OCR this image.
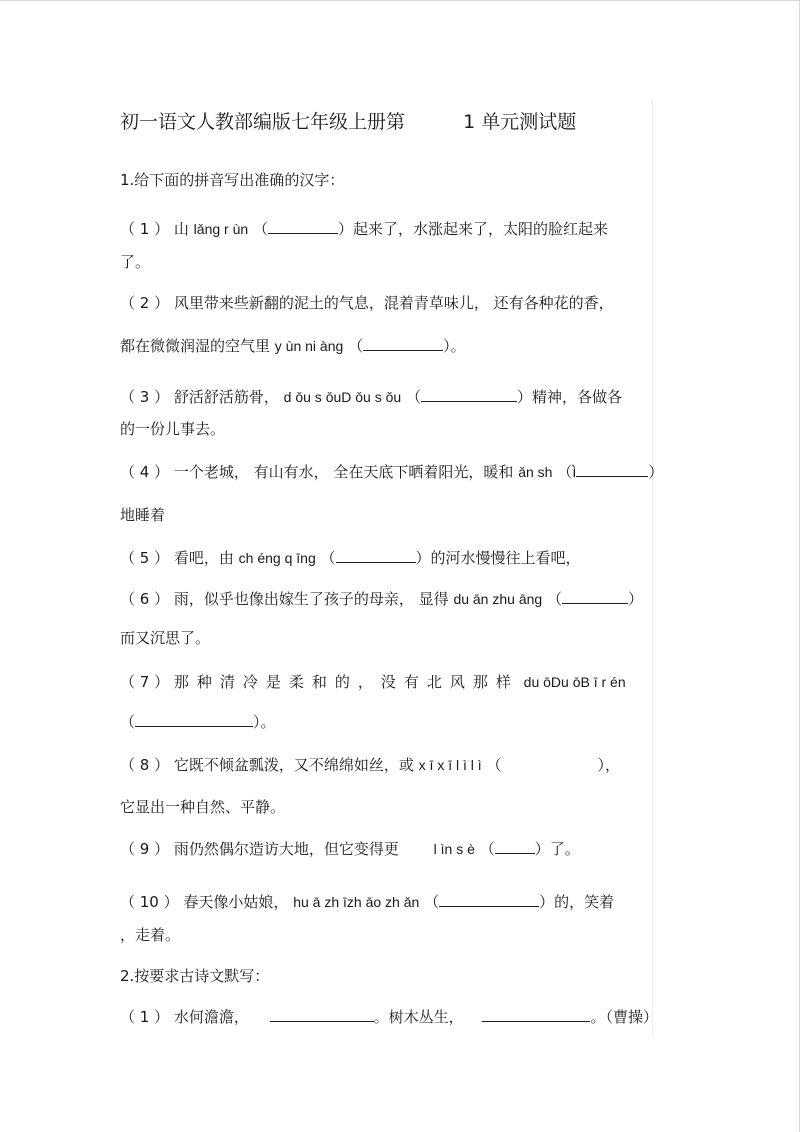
初一语文人教部编版七年级上册第	1 单元测试题
1.给下面的拼音写出准确的汉字：
（ 1 ） 山 lǎng r ùn （	）起来了，水涨起来了，太阳的脸红起来
了。
（ 2 ） 风里带来些新翻的泥土的气息，混着青草味儿， 还有各种花的香，
都在微微润湿的空气里 y ùn ni àng （	）。
（ 3 ） 舒活舒活筋骨， d ǒu s ǒuD ǒu s ǒu （	）精神，各做各
的一份儿事去。
（ 4 ） 一个老城， 有山有水， 全在天底下晒着阳光，暖和 ǎn sh （ì	）
地睡着
（ 5 ） 看吧，由 ch éng q īng （	）的河水慢慢往上看吧，
（ 6 ） 雨，似乎也像出嫁生了孩子的母亲， 显得 du ān zhu āng （	）
而又沉思了。
（ 7 ） 那种清冷是柔和的，没有北风那样 du ōDu ōB ī r én
（	）。
（ 8 ） 它既不倾盆瓢泼，又不绵绵如丝，或 x ī x ī l ì l ì （	），
它显出一种自然、平静。
（ 9 ） 雨仍然偶尔造访大地，但它变得更 l ìn s è （	）了。
（ 10 ） 春天像小姑娘， hu ā zh īzh āo zh ǎn （	）的，笑着
，走着。
2.按要求古诗文默写：
（ 1 ） 水何澹澹，	。树木丛生，	。（曹操）
